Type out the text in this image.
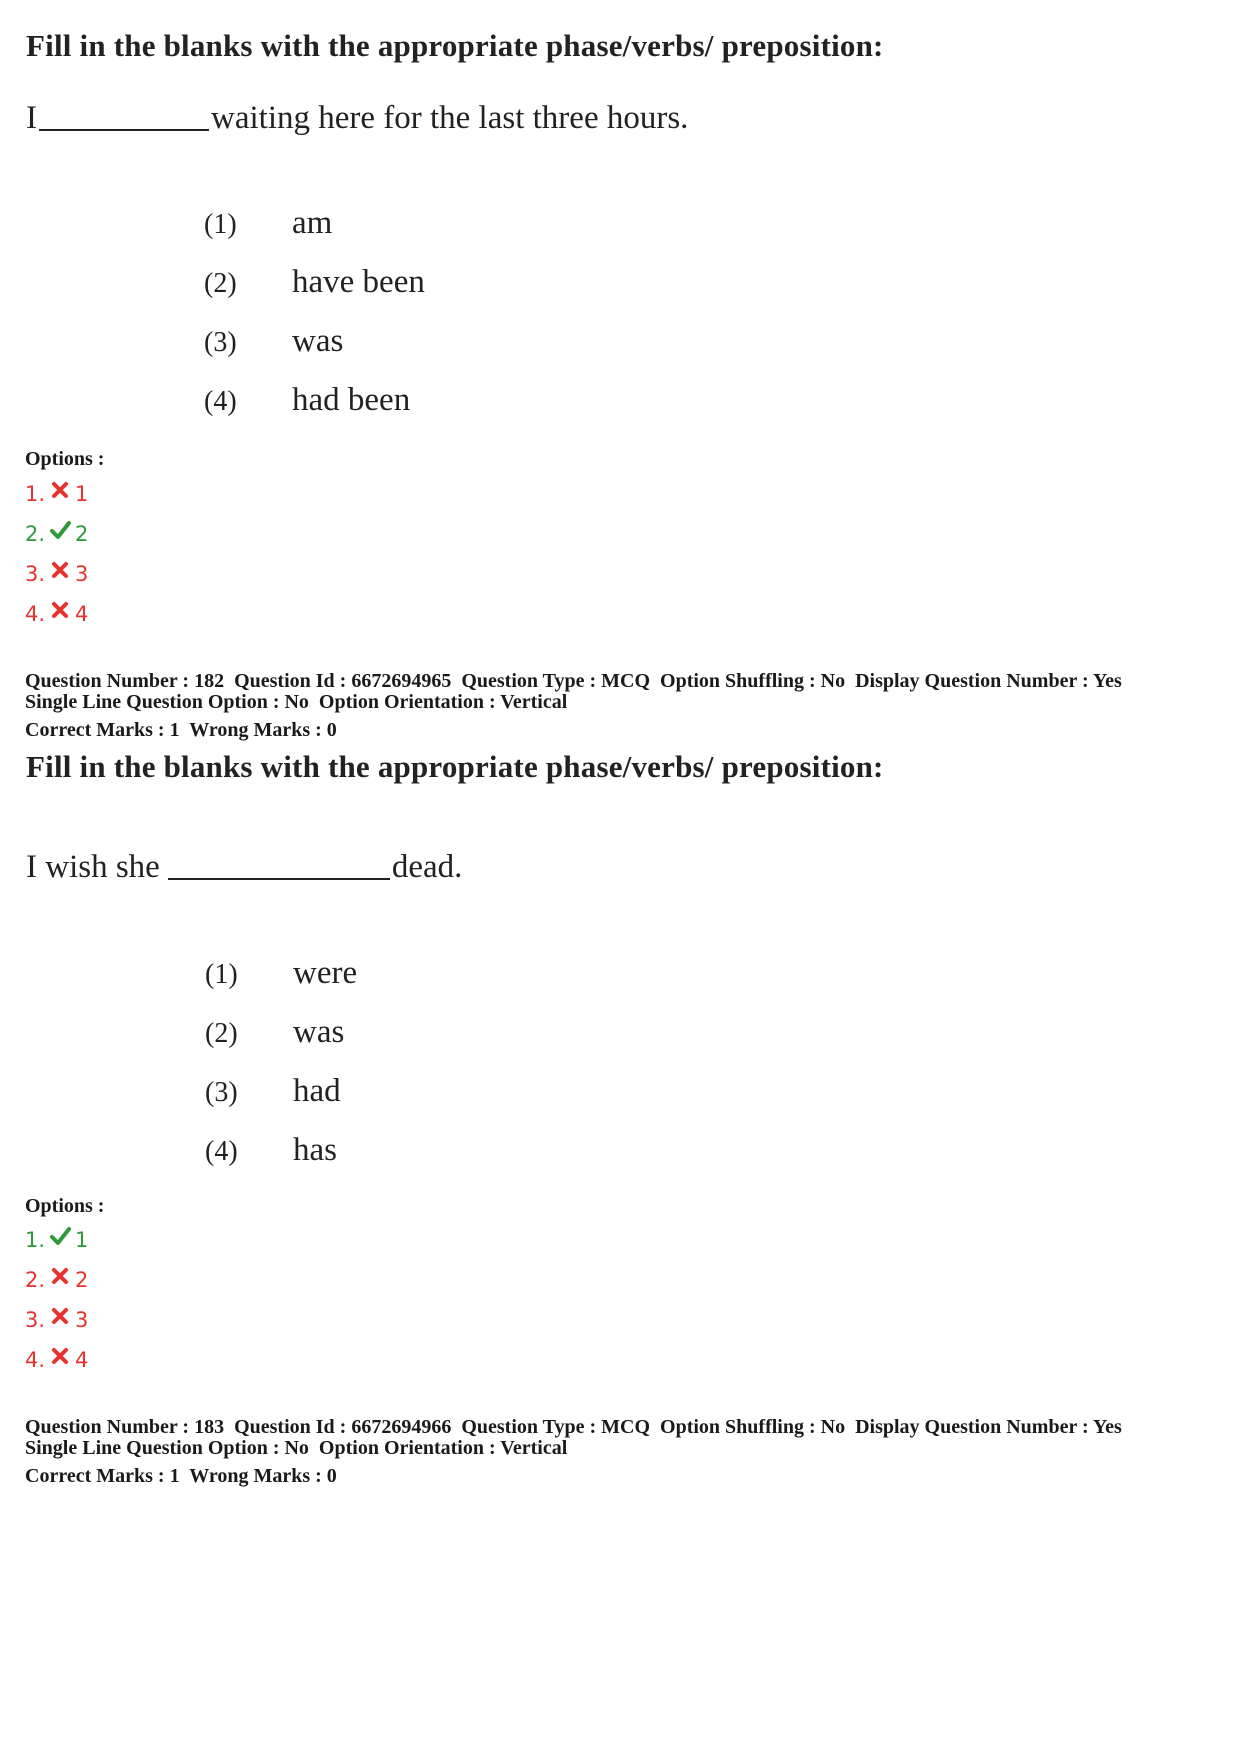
Fill in the blanks with the appropriate phase/verbs/ preposition:
I	waiting here for the last three hours.
(1)	am
(2)	have been
(3)	was
(4)	had been
Options :
1. 1
2. 2
3. 3
4. 4
Question Number : 182  Question Id : 6672694965  Question Type : MCQ  Option Shuffling : No  Display Question Number : Yes
Single Line Question Option : No  Option Orientation : Vertical
Correct Marks : 1  Wrong Marks : 0
Fill in the blanks with the appropriate phase/verbs/ preposition:
I wish she	dead.
(1)	were
(2)	was
(3)	had
(4)	has
Options :
1. 1
2. 2
3. 3
4. 4
Question Number : 183  Question Id : 6672694966  Question Type : MCQ  Option Shuffling : No  Display Question Number : Yes
Single Line Question Option : No  Option Orientation : Vertical
Correct Marks : 1  Wrong Marks : 0
